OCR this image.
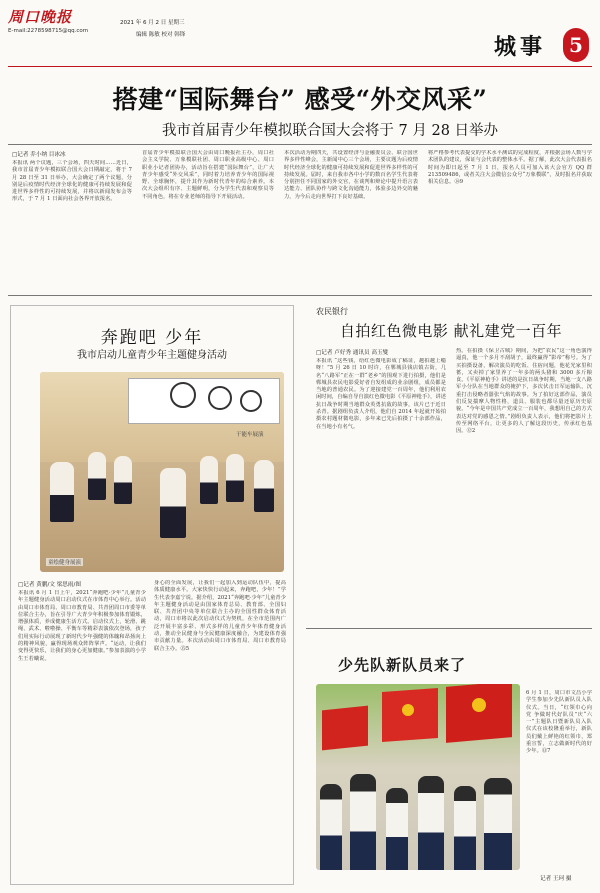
周口晚报
E-mail:2278598715@qq.com
2021 年 6 月 2 日 星期三
编辑 陈敏 校对 韩锋	城事	5
搭建“国际舞台” 感受“外交风采”
我市首届青少年模拟联合国大会将于 7 月 28 日举办
□记者 乔小纳 目冰冰
本报讯 两个议题，三个会场，四天时间……近日，我市首届青少年模拟联合国大会日期敲定，将于 7 月 28 日至 31 日举办，大会确定了两个议题，分别是后疫情时代经济全球化的健康可持续发展和促进世界多样性的可持续发展，并将以新闻发布会等形式，于 7 月 1 日面向社会各界开放报名。
首届青少年模拟联合国大会由周口晚报社主办，周口社会主义学院、万象模联社团、周口职业高级中心、周口职业小记者团协办，活动旨在搭建“国际舞台”，让广大青少年感受“外交风采”，同时着力培养青少年的国际视野、全球胸怀，提升其作为新时代青年的综合素养。本次大会组织有序、主题鲜明，分为学生代表和观察员等不同角色，将在专业老师的指导下开展活动。
本次活动为期四天，共设置经济与金融委员会、联合国世界多样性峰会，主新闻中心三个会场，主要议题为后疫情时代经济全球化的健康可持续发展和促进世界多样性的可持续发展。届时，来自我市各中小学的数百名学生代表将分别担任不同国家的外交官，在谈判和辩论中提升语言表达能力、团队协作与跨文化沟通能力，体验多边外交的魅力，为今后走向世界打下良好基础。
将严格参考代表提交的学术水平测试的完成程度，并根据会场人数与学术团队的建议，保证与会代表的整体水平。据了解，此次大会代表报名时间为即日起至 7 月 1 日，报名人员可加入该大会官方 QQ 群 213509486，或者关注大会微信公众号“万象模联”，及时报名并获取相关信息。⑭9
奔跑吧 少年
我市启动儿童青少年主题健身活动
干能车展演
童绘健身展演
□记者 黄鹏/文 梁思雨/图
本报讯 6 月 1 日上午，2021“奔跑吧·少年”儿童青少年主题健身活动周口启动仪式在市体育中心举行。活动由周口市体育局、周口市教育局、共青团周口市委等单位联合主办，旨在引导广大青少年积极参加体育锻炼，增强体质，养成健康生活方式。启动仪式上，轮滑、跳绳、武术、啦啦操、平衡车等精彩表演依次登场，孩子们用实际行动展现了新时代少年强健的体魄和昂扬向上的精神风貌，赢得现场观众阵阵掌声。“运动，让我们变得更快乐，让我们的身心更加健康。”参加表演的小学生王若曦说。
身心的全面发展，让我们一起加入到运动队伍中，提高体质健康水平。大家快快行动起来，奔跑吧，少年！”学生代表李嘉宁说。据介绍，2021“奔跑吧·少年”儿童青少年主题健身活动是由国家体育总局、教育部、全国妇联、共青团中央等单位联合主办的全国性群众体育活动，周口市将以此次启动仪式为契机，在全市范围内广泛开展丰富多彩、形式多样的儿童青少年体育健身活动，推动全民健身与全民健康深度融合，为建设体育强市贡献力量。本次活动由周口市体育局、周口市教育局联合主办。⑮5
农民银行
自拍红色微电影 献礼建党一百年
□记者 卢好秀 通讯员 高玉燮
本报讯 “这些钱，给红色微电影成了稿证，越拍越上瘾呀！”5 月 26 日 10 时许，在郸城县钱店镇古街，几名“八路军”正在一群“老乡”的围观下进行拍摄，他们是郸城县农民电影爱好者自发组成的业余剧组，成员都是当地的普通农民。为了迎接建党一百周年，他们利用农闲时间，自编自导自演红色微电影《平原神枪手》，讲述抗日战争时期当地群众英勇抗敌的故事，该片已于近日杀青。据剧组负责人介绍，他们自 2014 年起就开始拍摄农村题材微电影，多年来已先后拍摄了十余部作品，在当地小有名气。
热。在拍摄《保卫古城》期间，为把“农民”这一角色演得逼真，他一个多月不刮胡子，最终赢得“影帝”称号。为了买拍摄设备，解决演员的吃饭、住宿问题，他花光家里积蓄，又卖掉了家里养了一年多的两头猪和 3000 多斤粮食。《平原神枪手》讲述的是抗日战争时期，当地一支八路军小分队在当地群众的掩护下，多次伏击日军运输队，沉重打击侵略者嚣张气焰的故事。为了拍好这部作品，演员们反复揣摩人物性格，道具、服装也都尽量还原历史原貌。“今年是中国共产党成立一百周年，我想用自己的方式表达对党的感恩之情。”剧组负责人表示，他们将把影片上传至网络平台，让更多的人了解这段历史，传承红色基因。⑫2
少先队新队员来了
6 月 1 日，周口市文昌小学学生参加少先队新队员入队仪式。当日，“红领巾心向党 争做时代好队员”庆“六一”主题队日暨新队员入队仪式在该校隆重举行，新队员们戴上鲜艳的红领巾，郑重宣誓，立志做新时代的好少年。⑬7
记者 王珂 摄
